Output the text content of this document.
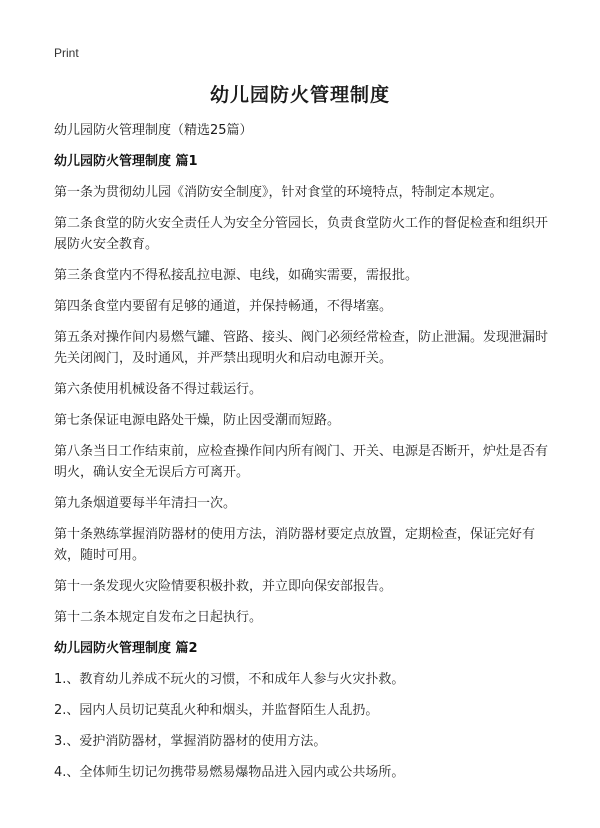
Print
幼儿园防火管理制度
幼儿园防火管理制度（精选25篇）
幼儿园防火管理制度 篇1
第一条为贯彻幼儿园《消防安全制度》，针对食堂的环境特点，特制定本规定。
第二条食堂的防火安全责任人为安全分管园长，负责食堂防火工作的督促检查和组织开展防火安全教育。
第三条食堂内不得私接乱拉电源、电线，如确实需要，需报批。
第四条食堂内要留有足够的通道，并保持畅通，不得堵塞。
第五条对操作间内易燃气罐、管路、接头、阀门必须经常检查，防止泄漏。发现泄漏时先关闭阀门，及时通风，并严禁出现明火和启动电源开关。
第六条使用机械设备不得过载运行。
第七条保证电源电路处干燥，防止因受潮而短路。
第八条当日工作结束前，应检查操作间内所有阀门、开关、电源是否断开，炉灶是否有明火，确认安全无误后方可离开。
第九条烟道要每半年清扫一次。
第十条熟练掌握消防器材的使用方法，消防器材要定点放置，定期检查，保证完好有效，随时可用。
第十一条发现火灾险情要积极扑救，并立即向保安部报告。
第十二条本规定自发布之日起执行。
幼儿园防火管理制度 篇2
1.、教育幼儿养成不玩火的习惯，不和成年人参与火灾扑救。
2.、园内人员切记莫乱火种和烟头，并监督陌生人乱扔。
3.、爱护消防器材，掌握消防器材的使用方法。
4.、全体师生切记勿携带易燃易爆物品进入园内或公共场所。
